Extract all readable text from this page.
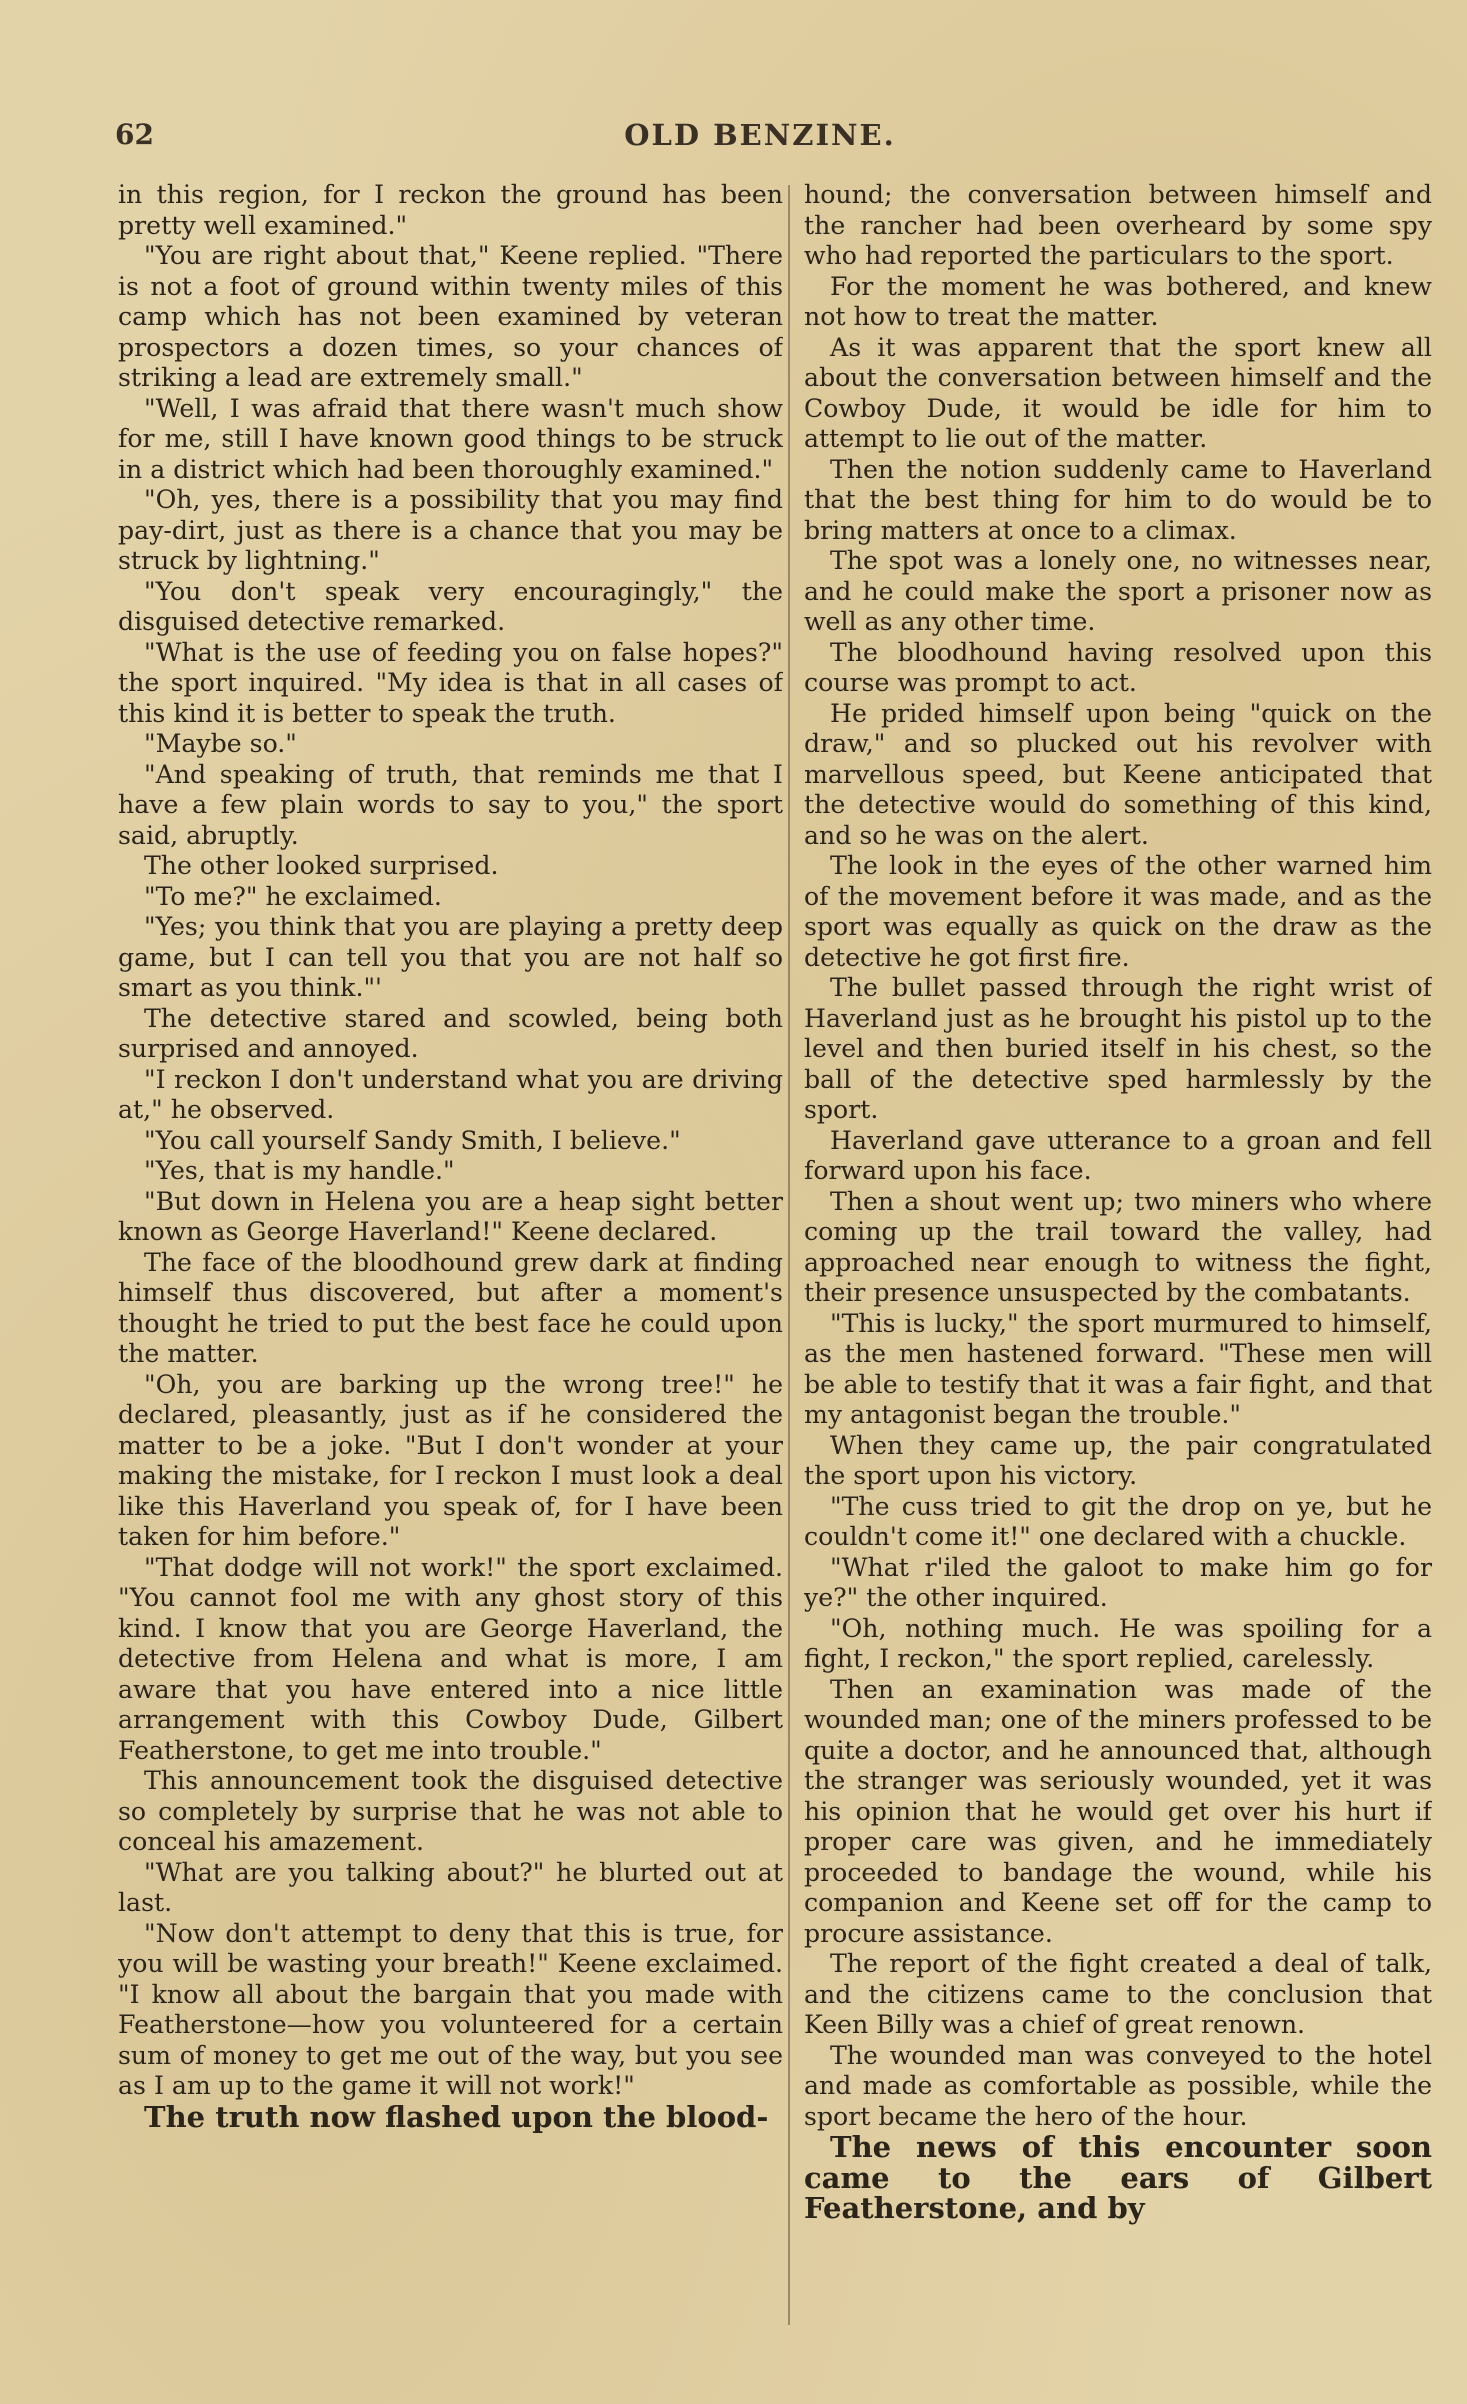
62	OLD BENZINE.

in this region, for I reckon the ground has been pretty well examined."

"You are right about that," Keene replied. "There is not a foot of ground within twenty miles of this camp which has not been examined by veteran prospectors a dozen times, so your chances of striking a lead are extremely small."

"Well, I was afraid that there wasn't much show for me, still I have known good things to be struck in a district which had been thoroughly examined."

"Oh, yes, there is a possibility that you may find pay-dirt, just as there is a chance that you may be struck by lightning."

"You don't speak very encouragingly," the disguised detective remarked.

"What is the use of feeding you on false hopes?" the sport inquired. "My idea is that in all cases of this kind it is better to speak the truth.

"Maybe so."

"And speaking of truth, that reminds me that I have a few plain words to say to you," the sport said, abruptly.

The other looked surprised.

"To me?" he exclaimed.

"Yes; you think that you are playing a pretty deep game, but I can tell you that you are not half so smart as you think."'

The detective stared and scowled, being both surprised and annoyed.

"I reckon I don't understand what you are driving at," he observed.

"You call yourself Sandy Smith, I believe."

"Yes, that is my handle."

"But down in Helena you are a heap sight better known as George Haverland!" Keene declared.

The face of the bloodhound grew dark at finding himself thus discovered, but after a moment's thought he tried to put the best face he could upon the matter.

"Oh, you are barking up the wrong tree!" he declared, pleasantly, just as if he considered the matter to be a joke. "But I don't wonder at your making the mistake, for I reckon I must look a deal like this Haverland you speak of, for I have been taken for him before."

"That dodge will not work!" the sport exclaimed. "You cannot fool me with any ghost story of this kind. I know that you are George Haverland, the detective from Helena and what is more, I am aware that you have entered into a nice little arrangement with this Cowboy Dude, Gilbert Featherstone, to get me into trouble."

This announcement took the disguised detective so completely by surprise that he was not able to conceal his amazement.

"What are you talking about?" he blurted out at last.

"Now don't attempt to deny that this is true, for you will be wasting your breath!" Keene exclaimed. "I know all about the bargain that you made with Featherstone—how you volunteered for a certain sum of money to get me out of the way, but you see as I am up to the game it will not work!"

The truth now flashed upon the blood-

hound; the conversation between himself and the rancher had been overheard by some spy who had reported the particulars to the sport.

For the moment he was bothered, and knew not how to treat the matter.

As it was apparent that the sport knew all about the conversation between himself and the Cowboy Dude, it would be idle for him to attempt to lie out of the matter.

Then the notion suddenly came to Haverland that the best thing for him to do would be to bring matters at once to a climax.

The spot was a lonely one, no witnesses near, and he could make the sport a prisoner now as well as any other time.

The bloodhound having resolved upon this course was prompt to act.

He prided himself upon being "quick on the draw," and so plucked out his revolver with marvellous speed, but Keene anticipated that the detective would do something of this kind, and so he was on the alert.

The look in the eyes of the other warned him of the movement before it was made, and as the sport was equally as quick on the draw as the detective he got first fire.

The bullet passed through the right wrist of Haverland just as he brought his pistol up to the level and then buried itself in his chest, so the ball of the detective sped harmlessly by the sport.

Haverland gave utterance to a groan and fell forward upon his face.

Then a shout went up; two miners who where coming up the trail toward the valley, had approached near enough to witness the fight, their presence unsuspected by the combatants.

"This is lucky," the sport murmured to himself, as the men hastened forward. "These men will be able to testify that it was a fair fight, and that my antagonist began the trouble."

When they came up, the pair congratulated the sport upon his victory.

"The cuss tried to git the drop on ye, but he couldn't come it!" one declared with a chuckle.

"What r'iled the galoot to make him go for ye?" the other inquired.

"Oh, nothing much. He was spoiling for a fight, I reckon," the sport replied, carelessly.

Then an examination was made of the wounded man; one of the miners professed to be quite a doctor, and he announced that, although the stranger was seriously wounded, yet it was his opinion that he would get over his hurt if proper care was given, and he immediately proceeded to bandage the wound, while his companion and Keene set off for the camp to procure assistance.

The report of the fight created a deal of talk, and the citizens came to the conclusion that Keen Billy was a chief of great renown.

The wounded man was conveyed to the hotel and made as comfortable as possible, while the sport became the hero of the hour.

The news of this encounter soon came to the ears of Gilbert Featherstone, and by
